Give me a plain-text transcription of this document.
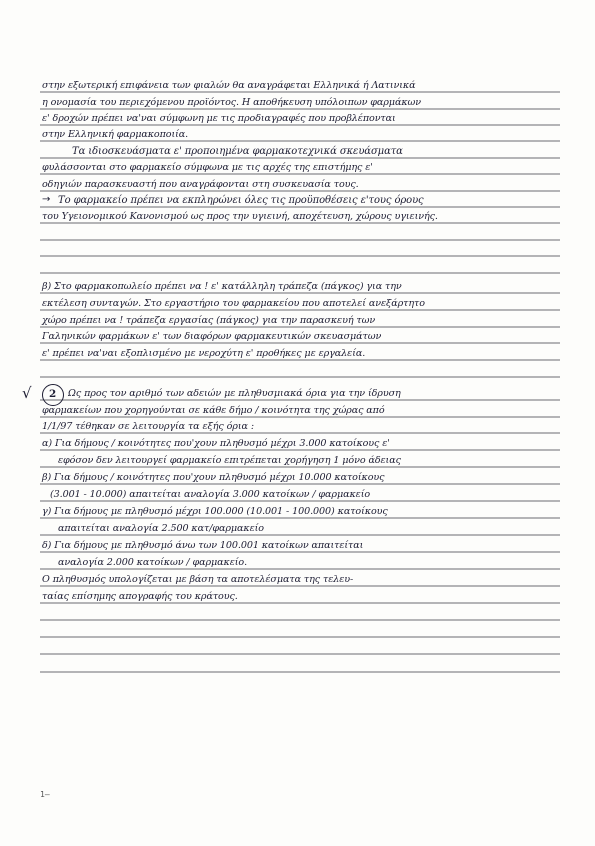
στην εξωτερική επιφάνεια των φιαλών θα αναγράφεται Ελληνικά ή Λατινικά

η ονομασία του περιεχόμενου προϊόντος. Η αποθήκευση υπόλοιπων φαρμάκων

ε' δροχών πρέπει να'ναι σύμφωνη με τις προδιαγραφές που προβλέπονται

στην Ελληνική φαρμακοποιία.

Τα ιδιοσκευάσματα ε' προποιημένα φαρμακοτεχνικά σκευάσματα

φυλάσσονται στο φαρμακείο σύμφωνα με τις αρχές της επιστήμης ε'

οδηγιών παρασκευαστή που αναγράφονται στη συσκευασία τους.

→ Το φαρμακείο πρέπει να εκπληρώνει όλες τις προϋποθέσεις ε'τους όρους

του Υγειονομικού Κανονισμού ως προς την υγιεινή, αποχέτευση, χώρους υγιεινής.

β) Στο φαρμακοπωλείο πρέπει να ! ε' κατάλληλη τράπεζα (πάγκος) για την

εκτέλεση συνταγών. Στο εργαστήριο του φαρμακείου που αποτελεί ανεξάρτητο

χώρο πρέπει να ! τράπεζα εργασίας (πάγκος) για την παρασκευή των

Γαληνικών φαρμάκων ε' των διαφόρων φαρμακευτικών σκευασμάτων

ε' πρέπει να'ναι εξοπλισμένο με νεροχύτη ε' προθήκες με εργαλεία.

√ 2 Ως προς τον αριθμό των αδειών με πληθυσμιακά όρια για την ίδρυση

φαρμακείων που χορηγούνται σε κάθε δήμο / κοινότητα της χώρας από

1/1/97 τέθηκαν σε λειτουργία τα εξής όρια :

α) Για δήμους / κοινότητες που'χουν πληθυσμό μέχρι 3.000 κατοίκους ε'

εφόσον δεν λειτουργεί φαρμακείο επιτρέπεται χορήγηση 1 μόνο άδειας

β) Για δήμους / κοινότητες που'χουν πληθυσμό μέχρι 10.000 κατοίκους

(3.001 - 10.000) απαιτείται αναλογία 3.000 κατοίκων / φαρμακείο

γ) Για δήμους με πληθυσμό μέχρι 100.000 (10.001 - 100.000) κατοίκους

απαιτείται αναλογία 2.500 κατ/φαρμακείο

δ) Για δήμους με πληθυσμό άνω των 100.001 κατοίκων απαιτείται

αναλογία 2.000 κατοίκων / φαρμακείο.

Ο πληθυσμός υπολογίζεται με βάση τα αποτελέσματα της τελευ-

ταίας επίσημης απογραφής του κράτους.

1—
